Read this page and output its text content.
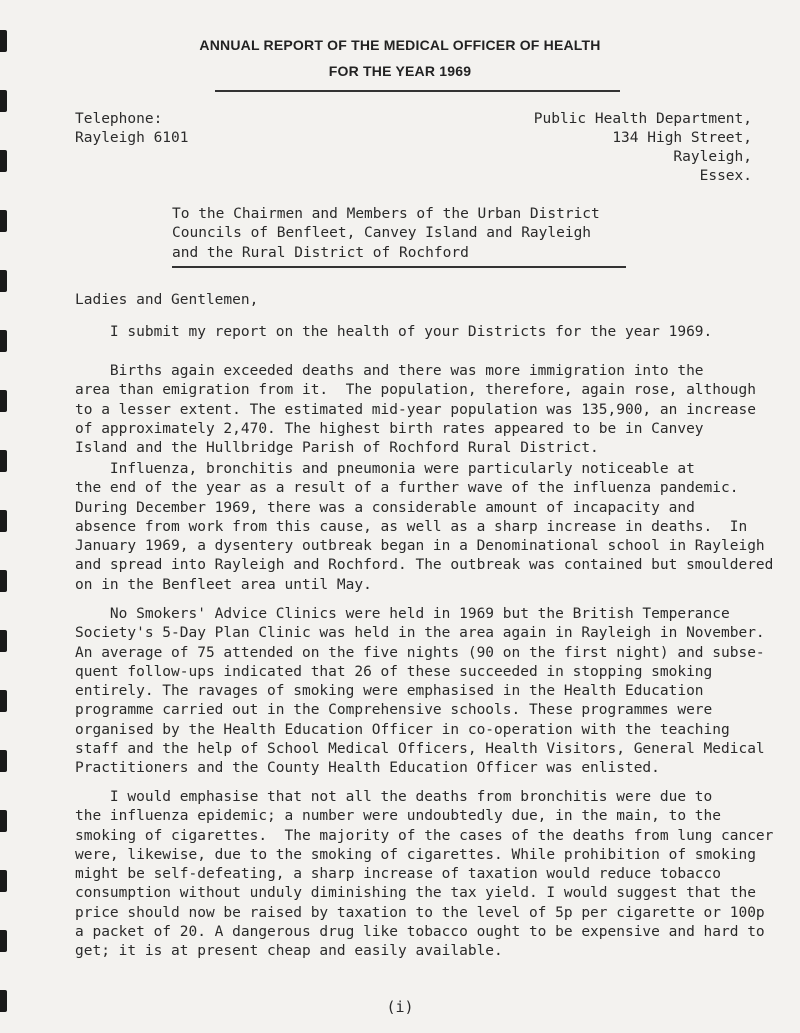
ANNUAL REPORT OF THE MEDICAL OFFICER OF HEALTH
FOR THE YEAR 1969
Telephone:
Rayleigh 6101
Public Health Department,
134 High Street,
Rayleigh,
Essex.
To the Chairmen and Members of the Urban District
Councils of Benfleet, Canvey Island and Rayleigh
and the Rural District of Rochford
Ladies and Gentlemen,
I submit my report on the health of your Districts for the year 1969.
Births again exceeded deaths and there was more immigration into the
area than emigration from it.  The population, therefore, again rose, although
to a lesser extent. The estimated mid-year population was 135,900, an increase
of approximately 2,470. The highest birth rates appeared to be in Canvey
Island and the Hullbridge Parish of Rochford Rural District.
Influenza, bronchitis and pneumonia were particularly noticeable at
the end of the year as a result of a further wave of the influenza pandemic.
During December 1969, there was a considerable amount of incapacity and
absence from work from this cause, as well as a sharp increase in deaths.  In
January 1969, a dysentery outbreak began in a Denominational school in Rayleigh
and spread into Rayleigh and Rochford. The outbreak was contained but smouldered
on in the Benfleet area until May.
No Smokers' Advice Clinics were held in 1969 but the British Temperance
Society's 5-Day Plan Clinic was held in the area again in Rayleigh in November.
An average of 75 attended on the five nights (90 on the first night) and subse-
quent follow-ups indicated that 26 of these succeeded in stopping smoking
entirely. The ravages of smoking were emphasised in the Health Education
programme carried out in the Comprehensive schools. These programmes were
organised by the Health Education Officer in co-operation with the teaching
staff and the help of School Medical Officers, Health Visitors, General Medical
Practitioners and the County Health Education Officer was enlisted.
I would emphasise that not all the deaths from bronchitis were due to
the influenza epidemic; a number were undoubtedly due, in the main, to the
smoking of cigarettes.  The majority of the cases of the deaths from lung cancer
were, likewise, due to the smoking of cigarettes. While prohibition of smoking
might be self-defeating, a sharp increase of taxation would reduce tobacco
consumption without unduly diminishing the tax yield. I would suggest that the
price should now be raised by taxation to the level of 5p per cigarette or 100p
a packet of 20. A dangerous drug like tobacco ought to be expensive and hard to
get; it is at present cheap and easily available.
(i)
